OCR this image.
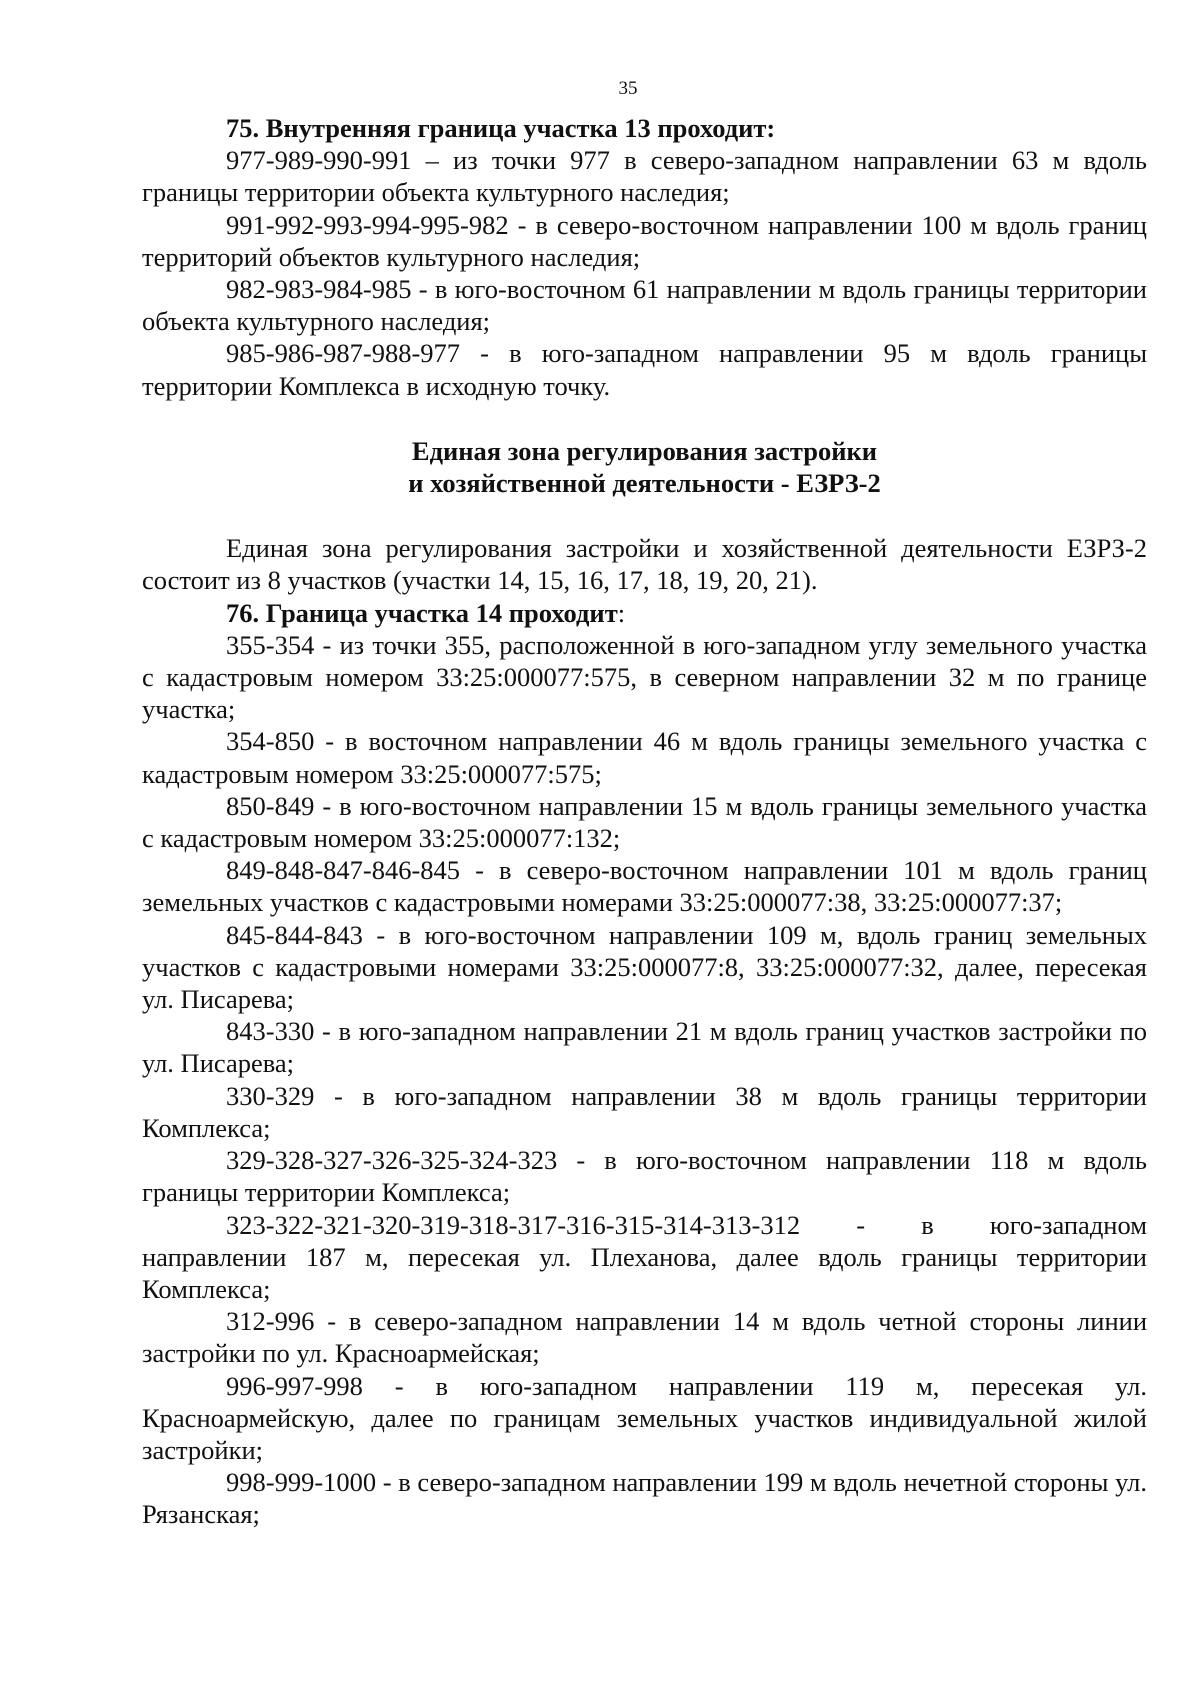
35

75. Внутренняя граница участка 13 проходит:

977-989-990-991 – из точки 977 в северо-западном направлении 63 м вдоль границы территории объекта культурного наследия;

991-992-993-994-995-982 - в северо-восточном направлении 100 м вдоль границ территорий объектов культурного наследия;

982-983-984-985 - в юго-восточном 61 направлении м вдоль границы территории объекта культурного наследия;

985-986-987-988-977 - в юго-западном направлении 95 м вдоль границы территории Комплекса в исходную точку.

Единая зона регулирования застройки

и хозяйственной деятельности - ЕЗРЗ-2

Единая зона регулирования застройки и хозяйственной деятельности ЕЗРЗ-2 состоит из 8 участков (участки 14, 15, 16, 17, 18, 19, 20, 21).

76. Граница участка 14 проходит:

355-354 - из точки 355, расположенной в юго-западном углу земельного участка с кадастровым номером 33:25:000077:575, в северном направлении 32 м по границе участка;

354-850 - в восточном направлении 46 м вдоль границы земельного участка с кадастровым номером 33:25:000077:575;

850-849 - в юго-восточном направлении 15 м вдоль границы земельного участка с кадастровым номером 33:25:000077:132;

849-848-847-846-845 - в северо-восточном направлении 101 м вдоль границ земельных участков с кадастровыми номерами 33:25:000077:38, 33:25:000077:37;

845-844-843 - в юго-восточном направлении 109 м, вдоль границ земельных участков с кадастровыми номерами 33:25:000077:8, 33:25:000077:32, далее, пересекая ул. Писарева;

843-330 - в юго-западном направлении 21 м вдоль границ участков застройки по ул. Писарева;

330-329 - в юго-западном направлении 38 м вдоль границы территории Комплекса;

329-328-327-326-325-324-323 - в юго-восточном направлении 118 м вдоль границы территории Комплекса;

323-322-321-320-319-318-317-316-315-314-313-312 - в юго-западном направлении 187 м, пересекая ул. Плеханова, далее вдоль границы территории Комплекса;

312-996 - в северо-западном направлении 14 м вдоль четной стороны линии застройки по ул. Красноармейская;

996-997-998 - в юго-западном направлении 119 м, пересекая ул. Красноармейскую, далее по границам земельных участков индивидуальной жилой застройки;

998-999-1000 - в северо-западном направлении 199 м вдоль нечетной стороны ул. Рязанская;
